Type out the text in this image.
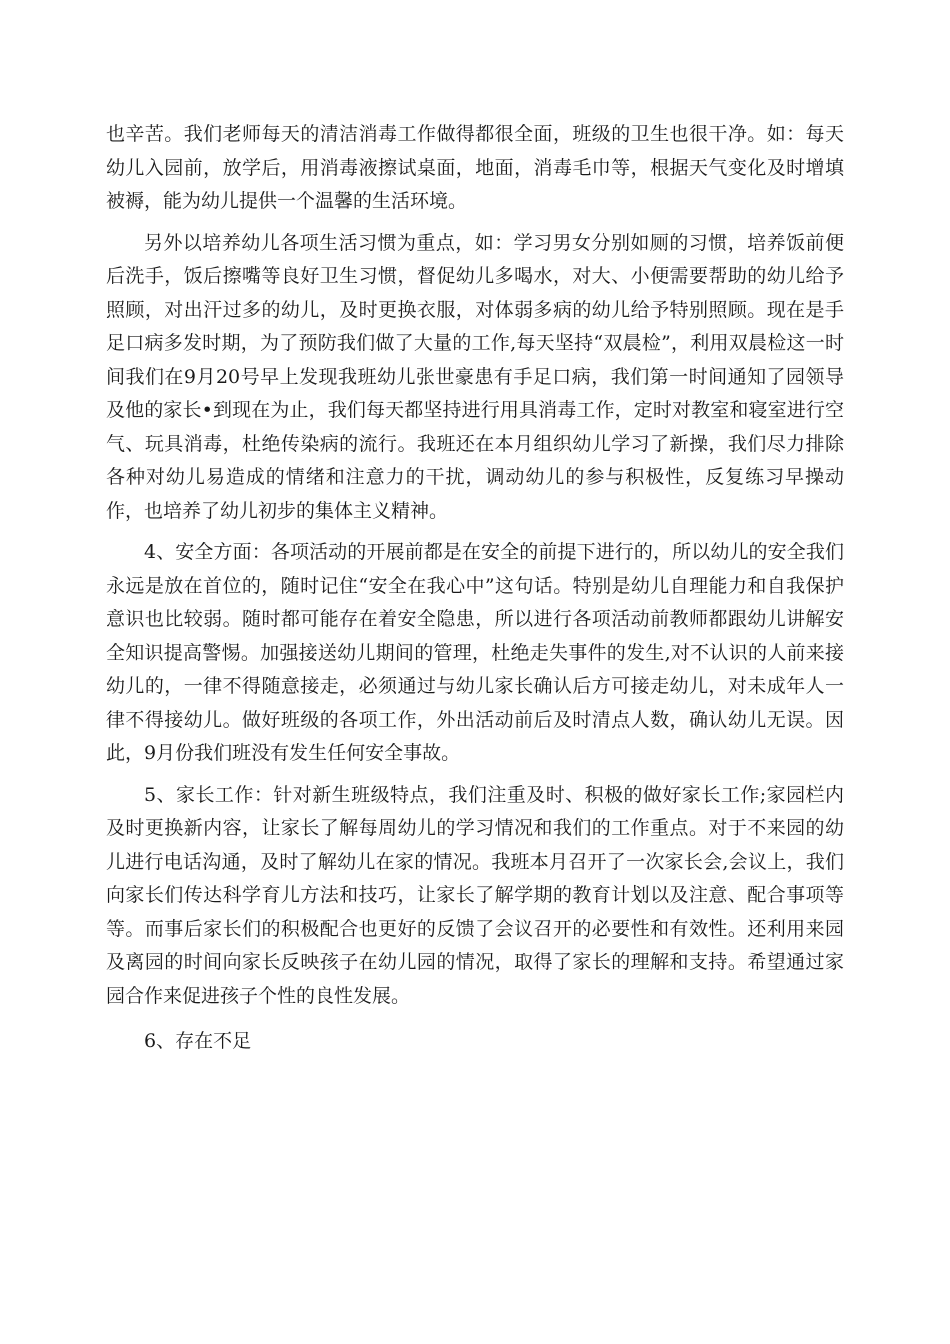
也辛苦。我们老师每天的清洁消毒工作做得都很全面，班级的卫生也很干净。如：每天幼儿入园前，放学后，用消毒液擦试桌面，地面，消毒毛巾等，根据天气变化及时增填被褥，能为幼儿提供一个温馨的生活环境。

另外以培养幼儿各项生活习惯为重点，如：学习男女分别如厕的习惯，培养饭前便后洗手，饭后擦嘴等良好卫生习惯，督促幼儿多喝水，对大、小便需要帮助的幼儿给予照顾，对出汗过多的幼儿，及时更换衣服，对体弱多病的幼儿给予特别照顾。现在是手足口病多发时期，为了预防我们做了大量的工作,每天坚持“双晨检”，利用双晨检这一时间我们在9月20号早上发现我班幼儿张世豪患有手足口病，我们第一时间通知了园领导及他的家长•到现在为止，我们每天都坚持进行用具消毒工作，定时对教室和寝室进行空气、玩具消毒，杜绝传染病的流行。我班还在本月组织幼儿学习了新操，我们尽力排除各种对幼儿易造成的情绪和注意力的干扰，调动幼儿的参与积极性，反复练习早操动作，也培养了幼儿初步的集体主义精神。

4、安全方面：各项活动的开展前都是在安全的前提下进行的，所以幼儿的安全我们永远是放在首位的，随时记住“安全在我心中”这句话。特别是幼儿自理能力和自我保护意识也比较弱。随时都可能存在着安全隐患，所以进行各项活动前教师都跟幼儿讲解安全知识提高警惕。加强接送幼儿期间的管理，杜绝走失事件的发生,对不认识的人前来接幼儿的，一律不得随意接走，必须通过与幼儿家长确认后方可接走幼儿，对未成年人一律不得接幼儿。做好班级的各项工作，外出活动前后及时清点人数，确认幼儿无误。因此，9月份我们班没有发生任何安全事故。

5、家长工作：针对新生班级特点，我们注重及时、积极的做好家长工作;家园栏内及时更换新内容，让家长了解每周幼儿的学习情况和我们的工作重点。对于不来园的幼儿进行电话沟通，及时了解幼儿在家的情况。我班本月召开了一次家长会,会议上，我们向家长们传达科学育儿方法和技巧，让家长了解学期的教育计划以及注意、配合事项等等。而事后家长们的积极配合也更好的反馈了会议召开的必要性和有效性。还利用来园及离园的时间向家长反映孩子在幼儿园的情况，取得了家长的理解和支持。希望通过家园合作来促进孩子个性的良性发展。

6、存在不足
